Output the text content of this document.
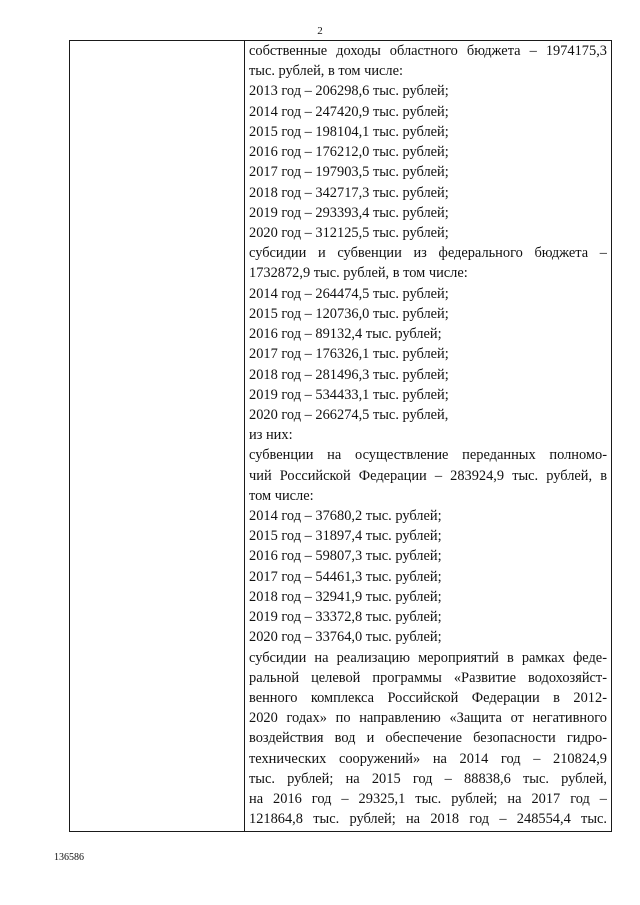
2
собственные доходы областного бюджета – 1974175,3
тыс. рублей, в том числе:
2013 год – 206298,6 тыс. рублей;
2014 год – 247420,9 тыс. рублей;
2015 год – 198104,1 тыс. рублей;
2016 год – 176212,0 тыс. рублей;
2017 год – 197903,5 тыс. рублей;
2018 год – 342717,3 тыс. рублей;
2019 год – 293393,4 тыс. рублей;
2020 год – 312125,5 тыс. рублей;
субсидии и субвенции из федерального бюджета –
1732872,9 тыс. рублей, в том числе:
2014 год – 264474,5 тыс. рублей;
2015 год – 120736,0 тыс. рублей;
2016 год – 89132,4 тыс. рублей;
2017 год – 176326,1 тыс. рублей;
2018 год – 281496,3 тыс. рублей;
2019 год – 534433,1 тыс. рублей;
2020 год – 266274,5 тыс. рублей,
из них:
субвенции на осуществление переданных полномо-
чий Российской Федерации – 283924,9 тыс. рублей, в
том числе:
2014 год – 37680,2 тыс. рублей;
2015 год – 31897,4 тыс. рублей;
2016 год – 59807,3 тыс. рублей;
2017 год – 54461,3 тыс. рублей;
2018 год – 32941,9 тыс. рублей;
2019 год – 33372,8 тыс. рублей;
2020 год – 33764,0 тыс. рублей;
субсидии на реализацию мероприятий в рамках феде-
ральной целевой программы «Развитие водохозяйст-
венного комплекса Российской Федерации в 2012-
2020 годах» по направлению «Защита от негативного
воздействия вод и обеспечение безопасности гидро-
технических сооружений» на 2014 год – 210824,9
тыс. рублей; на 2015 год – 88838,6 тыс. рублей,
на 2016 год – 29325,1 тыс. рублей; на 2017 год –
121864,8 тыс. рублей; на 2018 год – 248554,4 тыс.
136586
